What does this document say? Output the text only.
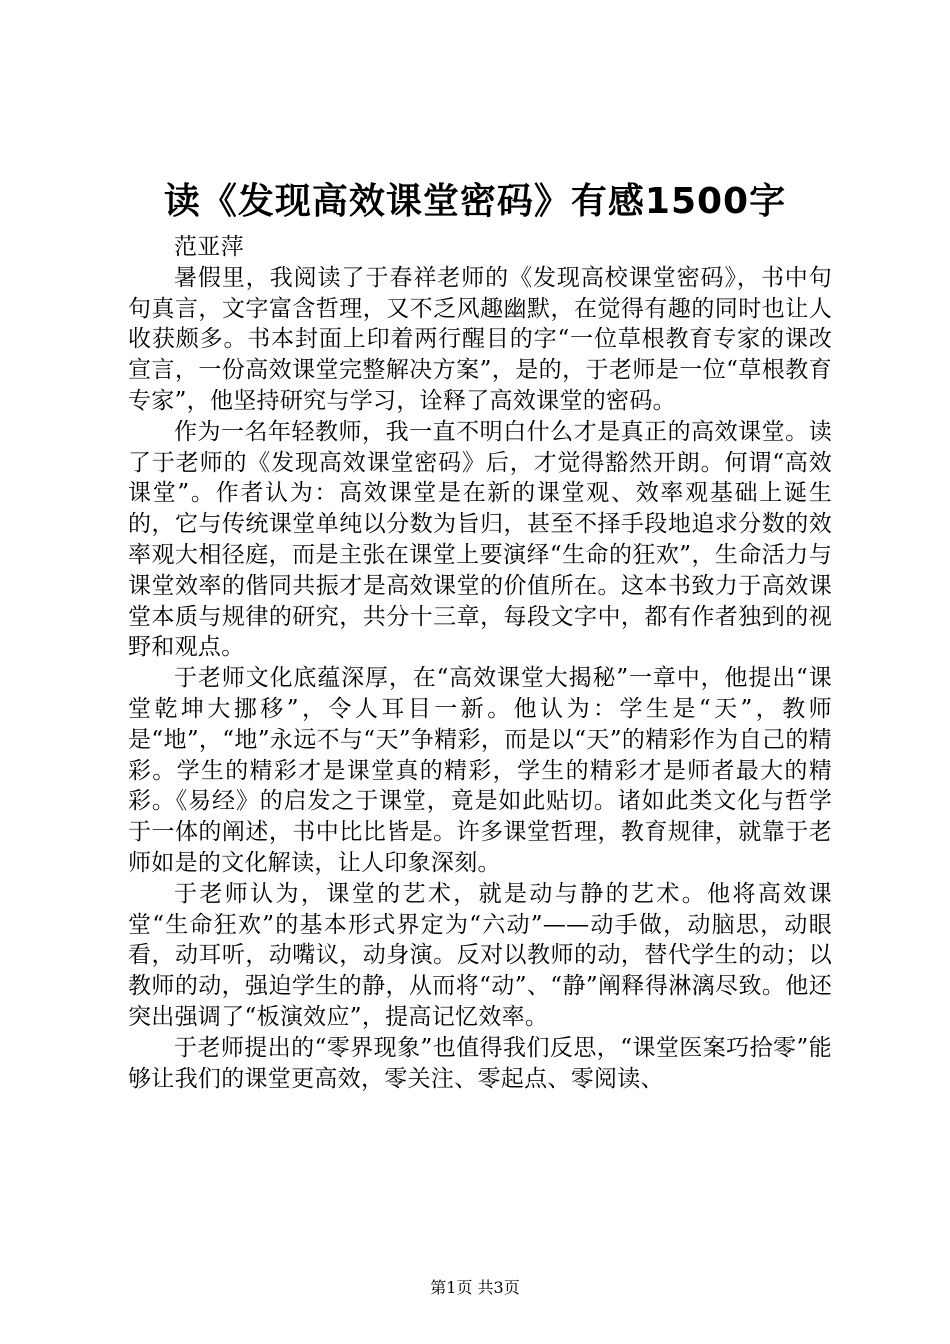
读《发现高效课堂密码》有感1500字

范亚萍

暑假里，我阅读了于春祥老师的《发现高校课堂密码》，书中句句真言，文字富含哲理，又不乏风趣幽默，在觉得有趣的同时也让人收获颇多。书本封面上印着两行醒目的字“一位草根教育专家的课改宣言，一份高效课堂完整解决方案”，是的，于老师是一位“草根教育专家”，他坚持研究与学习，诠释了高效课堂的密码。

作为一名年轻教师，我一直不明白什么才是真正的高效课堂。读了于老师的《发现高效课堂密码》后，才觉得豁然开朗。何谓“高效课堂”。作者认为：高效课堂是在新的课堂观、效率观基础上诞生的，它与传统课堂单纯以分数为旨归，甚至不择手段地追求分数的效率观大相径庭，而是主张在课堂上要演绎“生命的狂欢”，生命活力与课堂效率的偕同共振才是高效课堂的价值所在。这本书致力于高效课堂本质与规律的研究，共分十三章，每段文字中，都有作者独到的视野和观点。

于老师文化底蕴深厚，在“高效课堂大揭秘”一章中，他提出“课堂乾坤大挪移”，令人耳目一新。他认为：学生是“天”，教师是“地”，“地”永远不与“天”争精彩，而是以“天”的精彩作为自己的精彩。学生的精彩才是课堂真的精彩，学生的精彩才是师者最大的精彩。《易经》的启发之于课堂，竟是如此贴切。诸如此类文化与哲学于一体的阐述，书中比比皆是。许多课堂哲理，教育规律，就靠于老师如是的文化解读，让人印象深刻。

于老师认为，课堂的艺术，就是动与静的艺术。他将高效课堂“生命狂欢”的基本形式界定为“六动”——动手做，动脑思，动眼看，动耳听，动嘴议，动身演。反对以教师的动，替代学生的动；以教师的动，强迫学生的静，从而将“动”、“静”阐释得淋漓尽致。他还突出强调了“板演效应”，提高记忆效率。

于老师提出的“零界现象”也值得我们反思，“课堂医案巧拾零”能够让我们的课堂更高效，零关注、零起点、零阅读、

第1页 共3页
